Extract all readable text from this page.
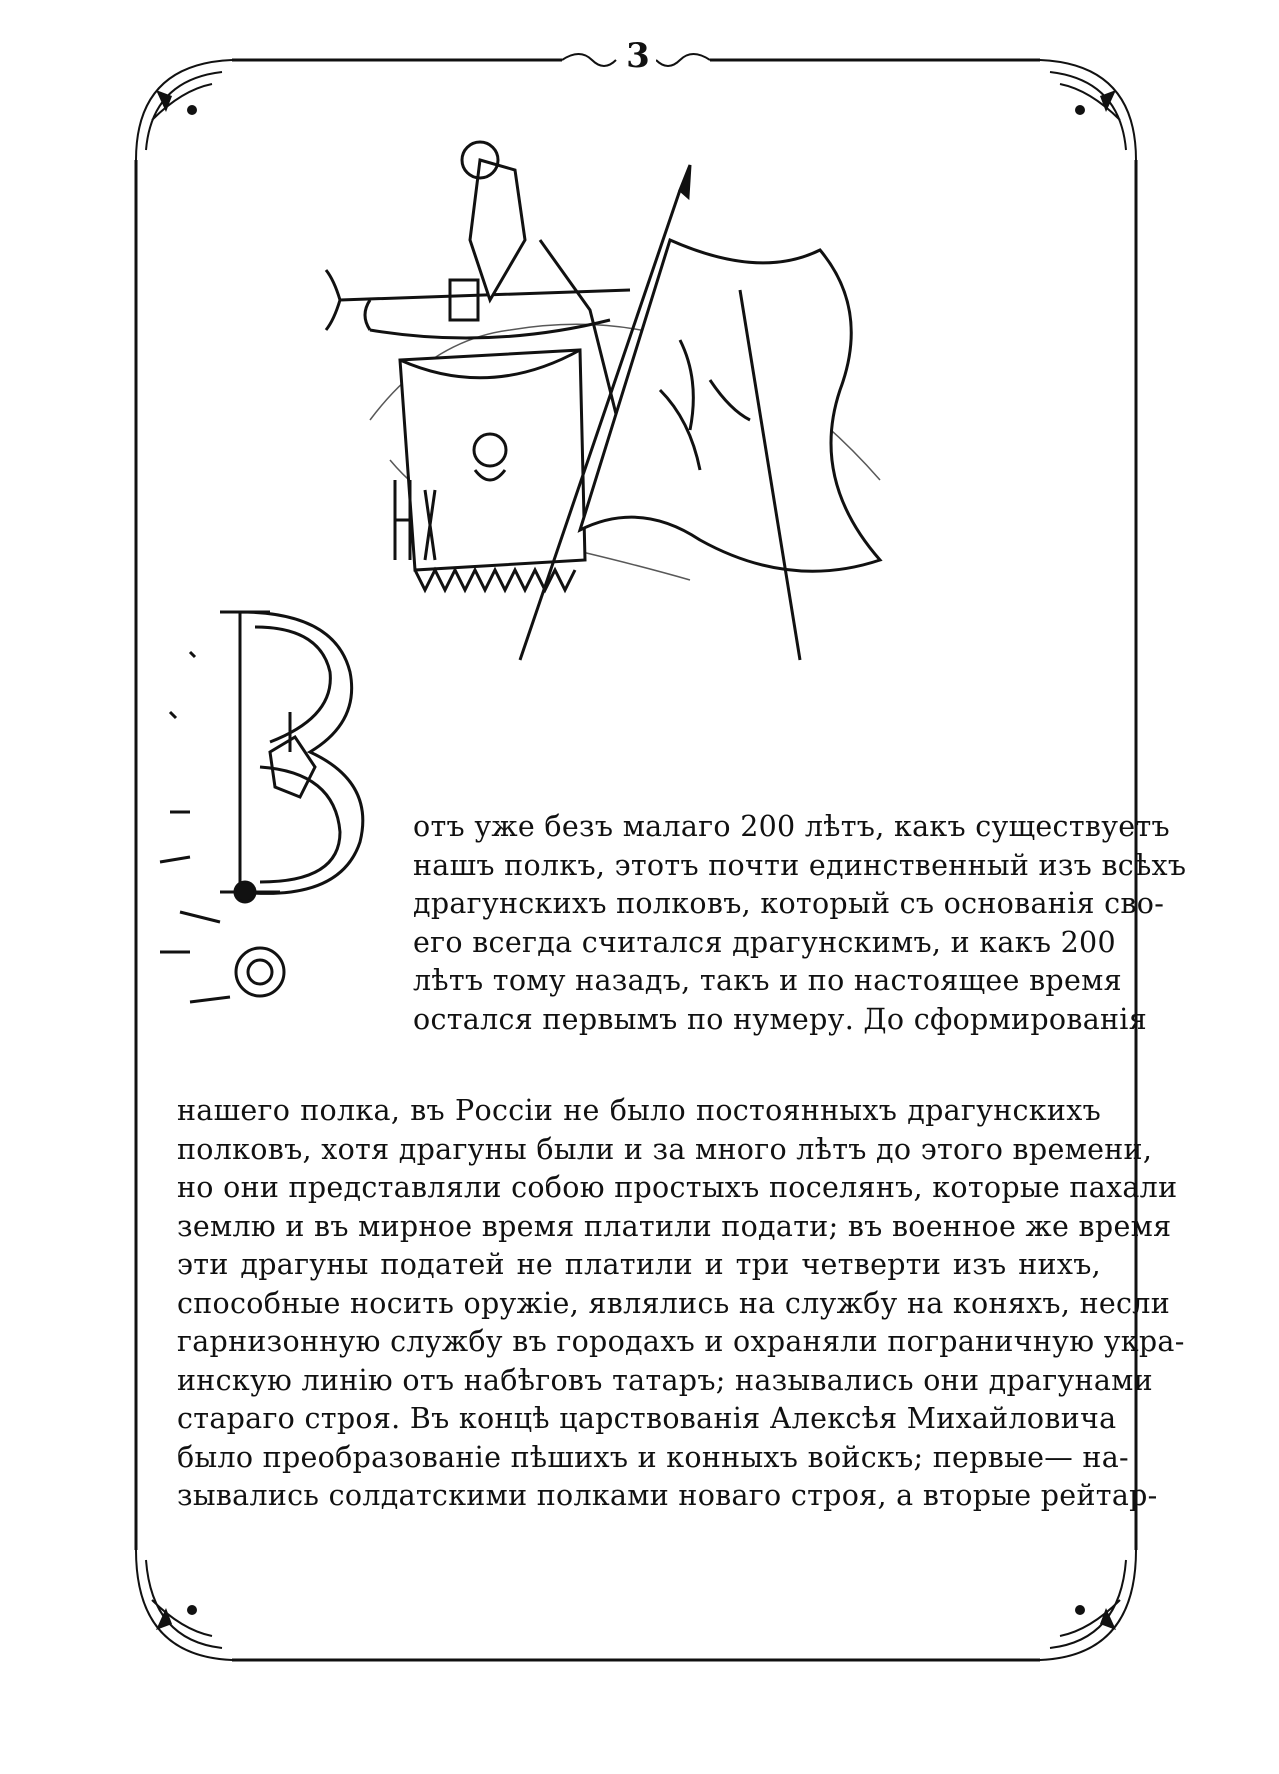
3
В

отъ уже безъ малаго 200 лѣтъ, какъ существуетъ
нашъ полкъ, этотъ почти единственный изъ всѣхъ
драгунскихъ полковъ, который съ основанія сво-
его всегда считался драгунскимъ, и какъ 200
лѣтъ тому назадъ, такъ и по настоящее время
остался первымъ по нумеру. До сформированія

нашего полка, въ Россіи не было постоянныхъ драгунскихъ
полковъ, хотя драгуны были и за много лѣтъ до этого времени,
но они представляли собою простыхъ поселянъ, которые пахали
землю и въ мирное время платили подати; въ военное же время
эти драгуны податей не платили и три четверти изъ нихъ,
способные носить оружіе, являлись на службу на коняхъ, несли
гарнизонную службу въ городахъ и охраняли пограничную укра-
инскую линію отъ набѣговъ татаръ; назывались они драгунами
стараго строя. Въ концѣ царствованія Алексѣя Михайловича
было преобразованіе пѣшихъ и конныхъ войскъ; первые— на-
зывались солдатскими полками новаго строя, а вторые рейтар-
